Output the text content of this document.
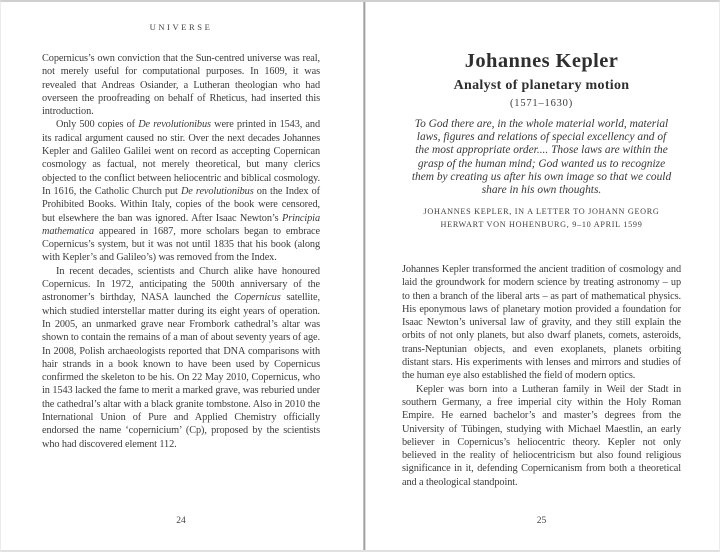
UNIVERSE

Copernicus’s own conviction that the Sun-centred universe was real, not merely useful for computational purposes. In 1609, it was revealed that Andreas Osiander, a Lutheran theologian who had overseen the proofreading on behalf of Rheticus, had inserted this introduction.

Only 500 copies of De revolutionibus were printed in 1543, and its radical argument caused no stir. Over the next decades Johannes Kepler and Galileo Galilei went on record as accepting Copernican cosmology as factual, not merely theoretical, but many clerics objected to the conflict between heliocentric and biblical cosmology. In 1616, the Catholic Church put De revolutionibus on the Index of Prohibited Books. Within Italy, copies of the book were censored, but elsewhere the ban was ignored. After Isaac Newton’s Principia mathematica appeared in 1687, more scholars began to embrace Copernicus’s system, but it was not until 1835 that his book (along with Kepler’s and Galileo’s) was removed from the Index.

In recent decades, scientists and Church alike have honoured Copernicus. In 1972, anticipating the 500th anniversary of the astronomer’s birthday, NASA launched the Copernicus satellite, which studied interstellar matter during its eight years of operation. In 2005, an unmarked grave near Frombork cathedral’s altar was shown to contain the remains of a man of about seventy years of age. In 2008, Polish archaeologists reported that DNA comparisons with hair strands in a book known to have been used by Copernicus confirmed the skeleton to be his. On 22 May 2010, Copernicus, who in 1543 lacked the fame to merit a marked grave, was reburied under the cathedral’s altar with a black granite tombstone. Also in 2010 the International Union of Pure and Applied Chemistry officially endorsed the name ‘copernicium’ (Cp), proposed by the scientists who had discovered element 112.

24
Johannes Kepler
Analyst of planetary motion
(1571–1630)
To God there are, in the whole material world, material laws, figures and relations of special excellency and of the most appropriate order.... Those laws are within the grasp of the human mind; God wanted us to recognize them by creating us after his own image so that we could share in his own thoughts.
JOHANNES KEPLER, IN A LETTER TO JOHANN GEORG HERWART VON HOHENBURG, 9–10 APRIL 1599

Johannes Kepler transformed the ancient tradition of cosmology and laid the groundwork for modern science by treating astronomy – up to then a branch of the liberal arts – as part of mathematical physics. His eponymous laws of planetary motion provided a foundation for Isaac Newton’s universal law of gravity, and they still explain the orbits of not only planets, but also dwarf planets, comets, asteroids, trans-Neptunian objects, and even exoplanets, planets orbiting distant stars. His experiments with lenses and mirrors and studies of the human eye also established the field of modern optics.

Kepler was born into a Lutheran family in Weil der Stadt in southern Germany, a free imperial city within the Holy Roman Empire. He earned bachelor’s and master’s degrees from the University of Tübingen, studying with Michael Maestlin, an early believer in Copernicus’s heliocentric theory. Kepler not only believed in the reality of heliocentricism but also found religious significance in it, defending Copernicanism from both a theoretical and a theological standpoint.

25
